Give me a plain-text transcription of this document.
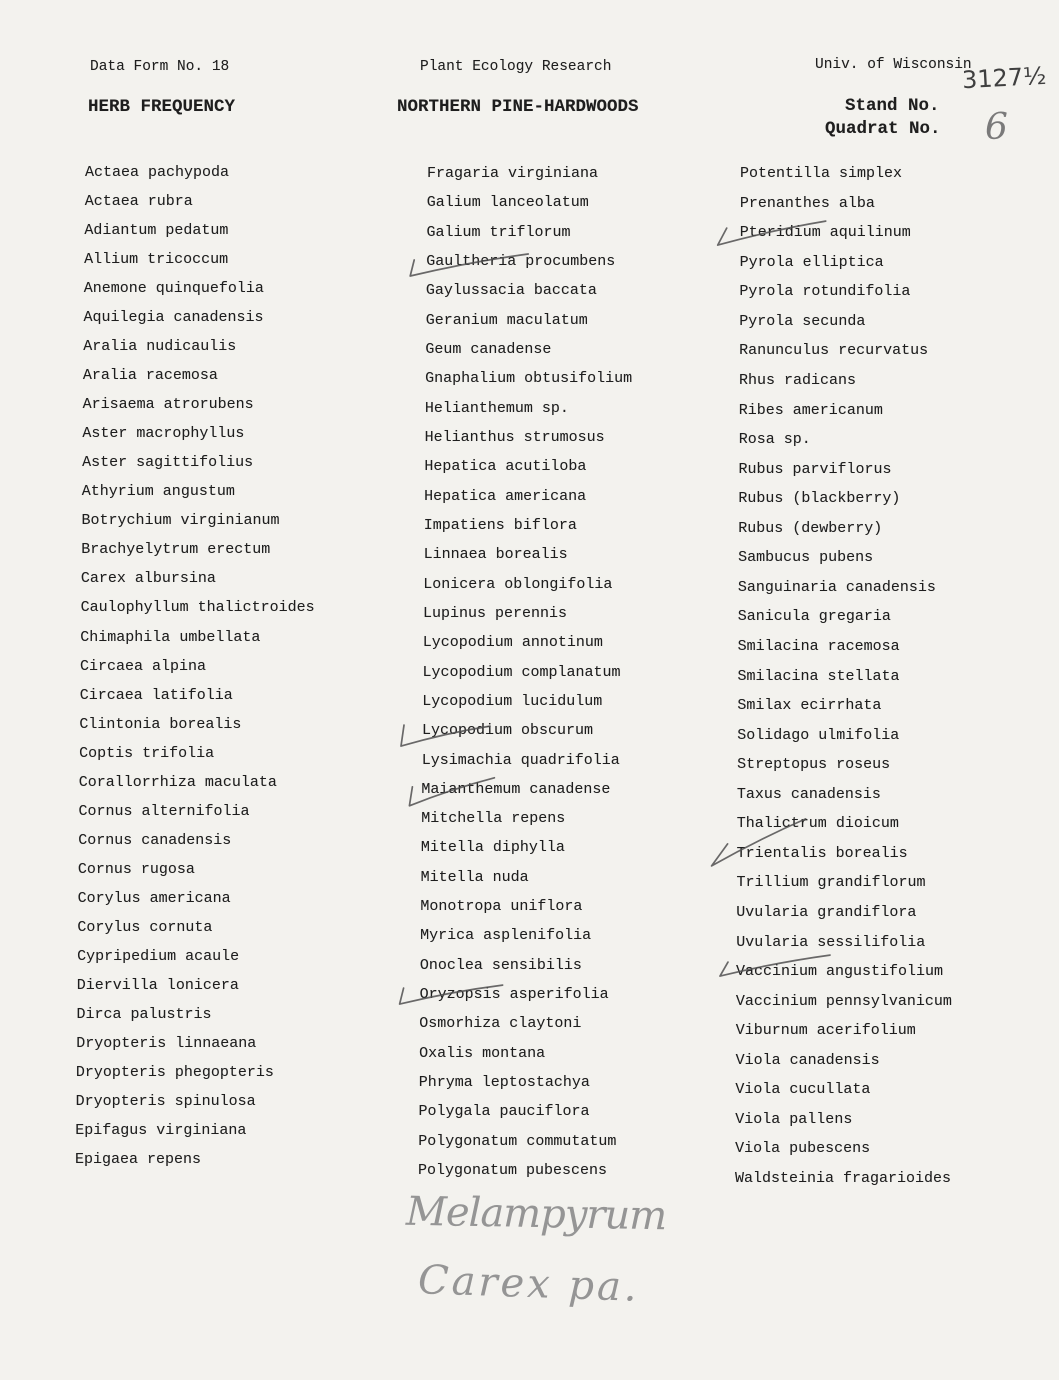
Data Form No. 18	Plant Ecology Research	Univ. of Wisconsin
3127½
HERB FREQUENCY	NORTHERN PINE-HARDWOODS	Stand No.
Quadrat No. 6
Actaea pachypoda
Actaea rubra
Adiantum pedatum
Allium tricoccum
Anemone quinquefolia
Aquilegia canadensis
Aralia nudicaulis
Aralia racemosa
Arisaema atrorubens
Aster macrophyllus
Aster sagittifolius
Athyrium angustum
Botrychium virginianum
Brachyelytrum erectum
Carex albursina
Caulophyllum thalictroides
Chimaphila umbellata
Circaea alpina
Circaea latifolia
Clintonia borealis
Coptis trifolia
Corallorrhiza maculata
Cornus alternifolia
Cornus canadensis
Cornus rugosa
Corylus americana
Corylus cornuta
Cypripedium acaule
Diervilla lonicera
Dirca palustris
Dryopteris linnaeana
Dryopteris phegopteris
Dryopteris spinulosa
Epifagus virginiana
Epigaea repens
Fragaria virginiana
Galium lanceolatum
Galium triflorum
Gaultheria procumbens
Gaylussacia baccata
Geranium maculatum
Geum canadense
Gnaphalium obtusifolium
Helianthemum sp.
Helianthus strumosus
Hepatica acutiloba
Hepatica americana
Impatiens biflora
Linnaea borealis
Lonicera oblongifolia
Lupinus perennis
Lycopodium annotinum
Lycopodium complanatum
Lycopodium lucidulum
Lycopodium obscurum
Lysimachia quadrifolia
Maianthemum canadense
Mitchella repens
Mitella diphylla
Mitella nuda
Monotropa uniflora
Myrica asplenifolia
Onoclea sensibilis
Oryzopsis asperifolia
Osmorhiza claytoni
Oxalis montana
Phryma leptostachya
Polygala pauciflora
Polygonatum commutatum
Polygonatum pubescens
Potentilla simplex
Prenanthes alba
Pteridium aquilinum
Pyrola elliptica
Pyrola rotundifolia
Pyrola secunda
Ranunculus recurvatus
Rhus radicans
Ribes americanum
Rosa sp.
Rubus parviflorus
Rubus (blackberry)
Rubus (dewberry)
Sambucus pubens
Sanguinaria canadensis
Sanicula gregaria
Smilacina racemosa
Smilacina stellata
Smilax ecirrhata
Solidago ulmifolia
Streptopus roseus
Taxus canadensis
Thalictrum dioicum
Trientalis borealis
Trillium grandiflorum
Uvularia grandiflora
Uvularia sessilifolia
Vaccinium angustifolium
Vaccinium pennsylvanicum
Viburnum acerifolium
Viola canadensis
Viola cucullata
Viola pallens
Viola pubescens
Waldsteinia fragarioides
Melampyrum
Carex pa.
